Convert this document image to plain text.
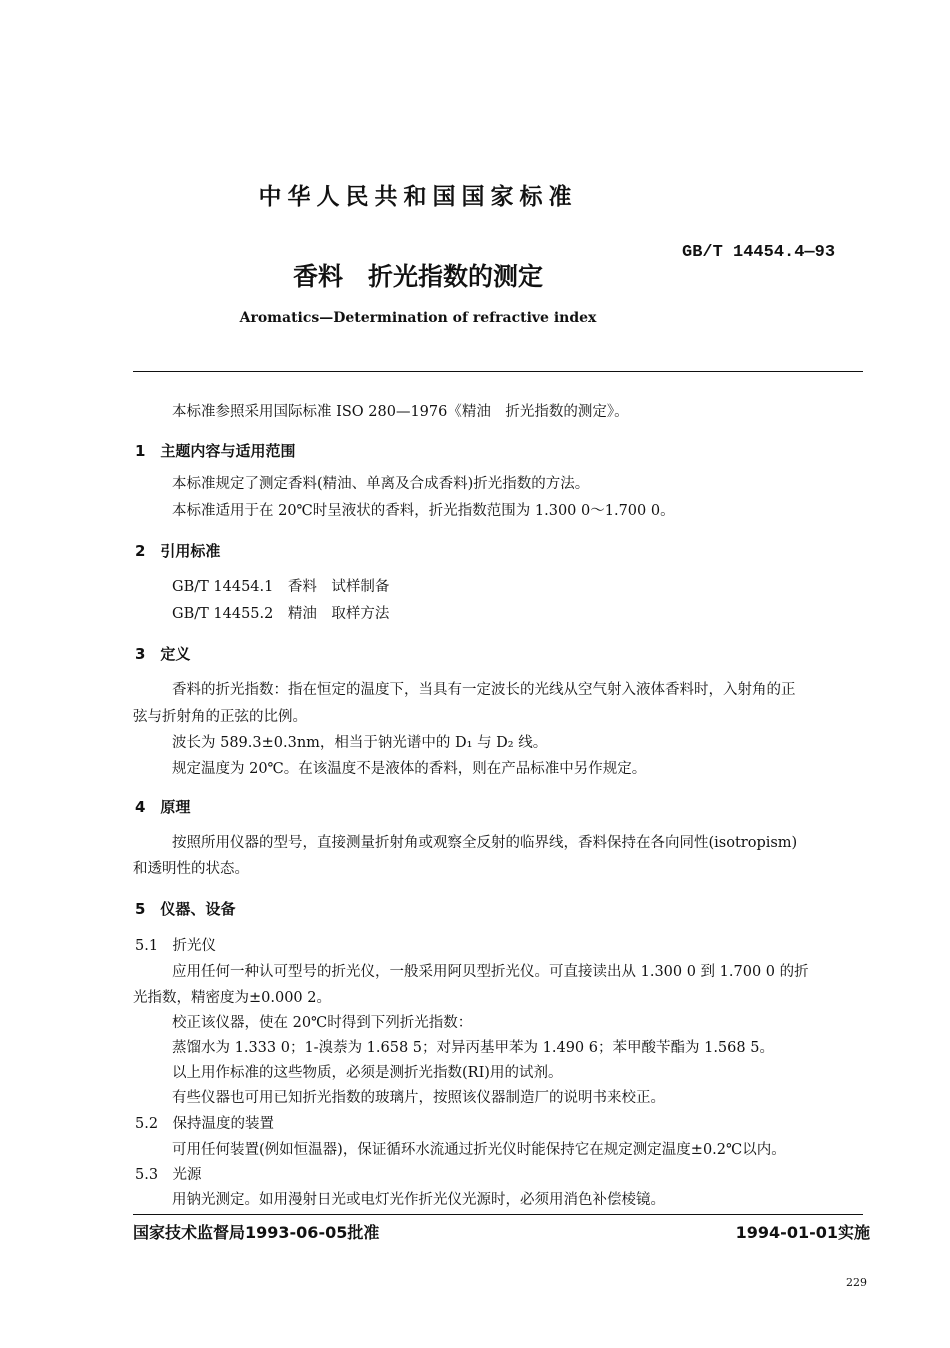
中华人民共和国国家标准
GB/T 14454.4—93
香料　折光指数的测定
Aromatics—Determination of refractive index
本标准参照采用国际标准 ISO 280—1976《精油　折光指数的测定》。
1　主题内容与适用范围
本标准规定了测定香料(精油、单离及合成香料)折光指数的方法。
本标准适用于在 20℃时呈液状的香料，折光指数范围为 1.300 0～1.700 0。
2　引用标准
GB/T 14454.1　香料　试样制备
GB/T 14455.2　精油　取样方法
3　定义
香料的折光指数：指在恒定的温度下，当具有一定波长的光线从空气射入液体香料时，入射角的正
弦与折射角的正弦的比例。
波长为 589.3±0.3nm，相当于钠光谱中的 D₁ 与 D₂ 线。
规定温度为 20℃。在该温度不是液体的香料，则在产品标准中另作规定。
4　原理
按照所用仪器的型号，直接测量折射角或观察全反射的临界线，香料保持在各向同性(isotropism)
和透明性的状态。
5　仪器、设备
5.1　折光仪
应用任何一种认可型号的折光仪，一般采用阿贝型折光仪。可直接读出从 1.300 0 到 1.700 0 的折
光指数，精密度为±0.000 2。
校正该仪器，使在 20℃时得到下列折光指数：
蒸馏水为 1.333 0；1-溴萘为 1.658 5；对异丙基甲苯为 1.490 6；苯甲酸苄酯为 1.568 5。
以上用作标准的这些物质，必须是测折光指数(RI)用的试剂。
有些仪器也可用已知折光指数的玻璃片，按照该仪器制造厂的说明书来校正。
5.2　保持温度的装置
可用任何装置(例如恒温器)，保证循环水流通过折光仪时能保持它在规定测定温度±0.2℃以内。
5.3　光源
用钠光测定。如用漫射日光或电灯光作折光仪光源时，必须用消色补偿棱镜。
国家技术监督局1993-06-05批准	1994-01-01实施
229
